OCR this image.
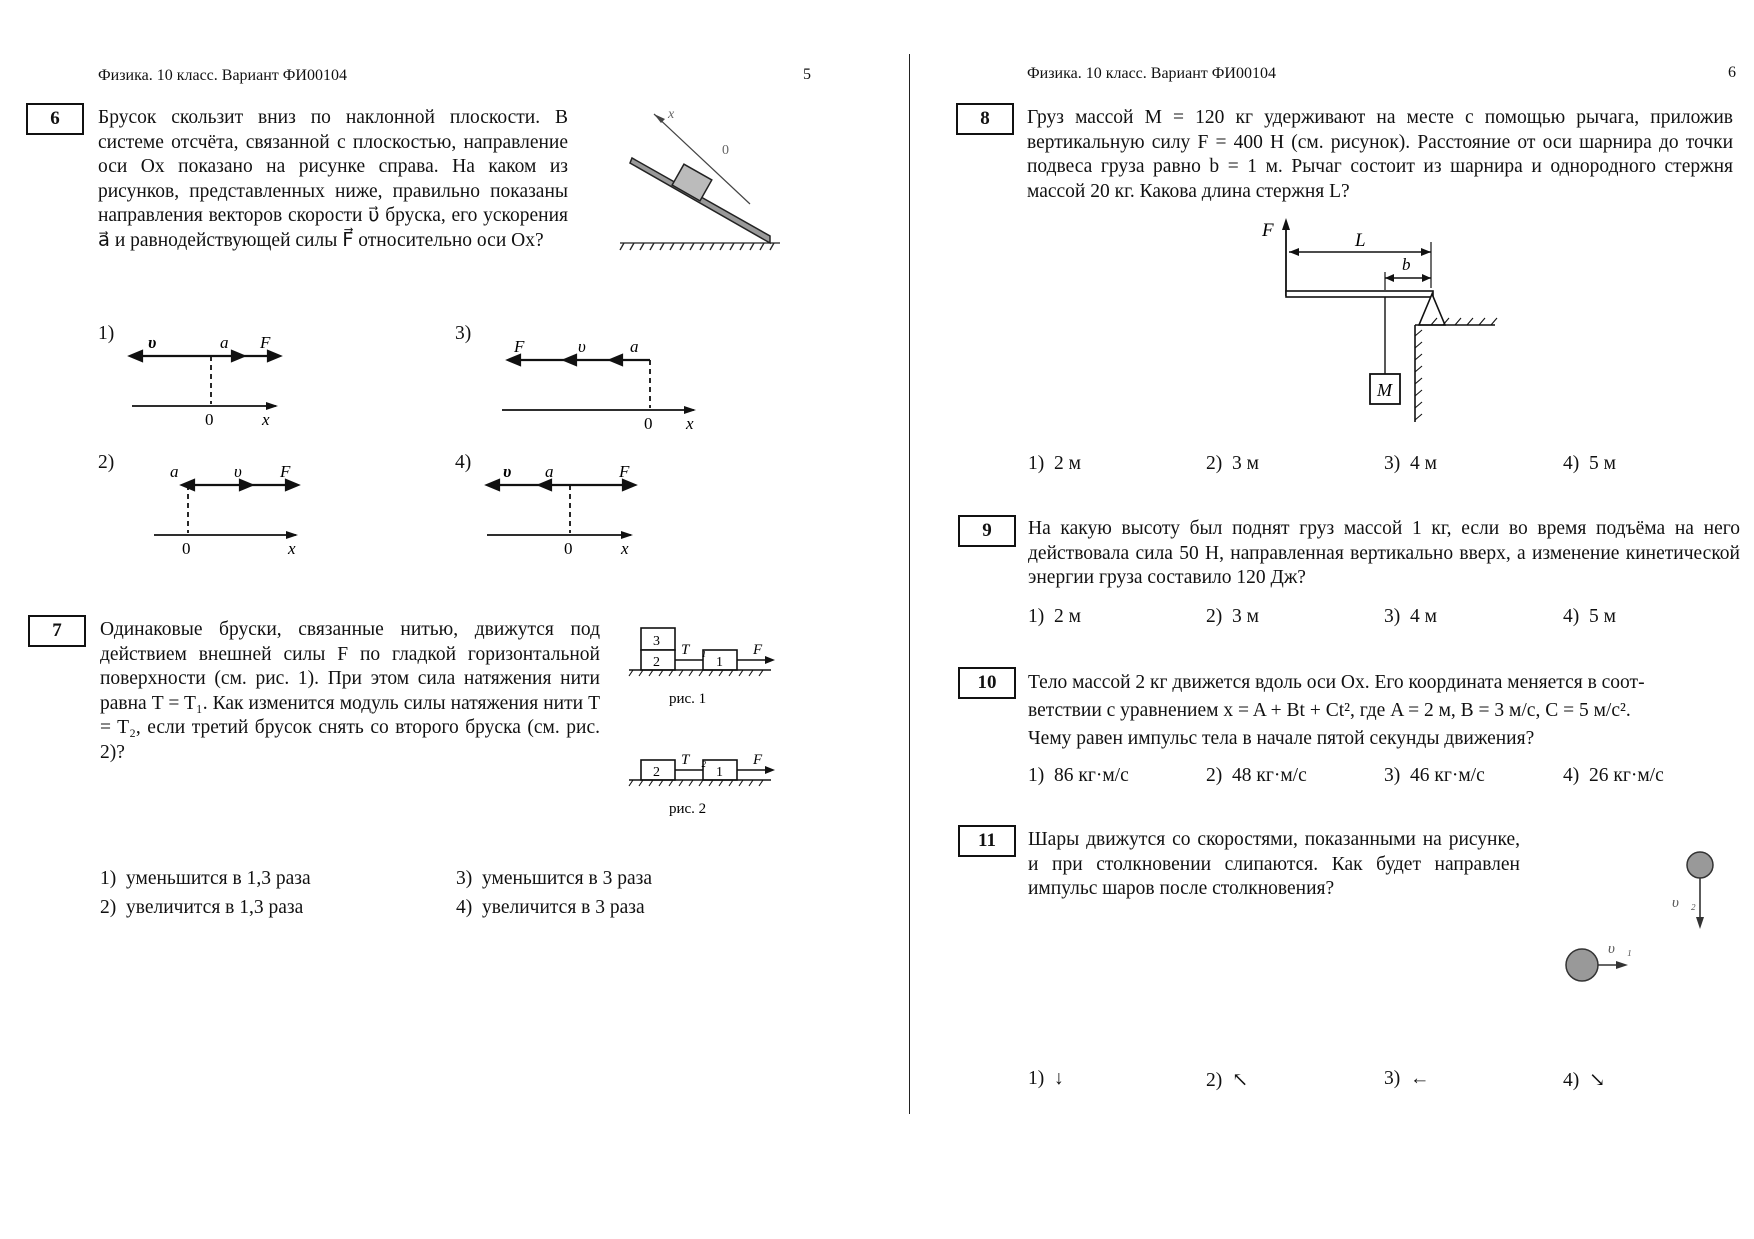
Физика. 10 класс. Вариант ФИ00104	5
6	Брусок скользит вниз по наклонной плоскости. В системе отсчёта, связанной с плоскостью, направление оси Ox показано на рисунке справа. На каком из рисунков, представленных ниже, правильно показаны направления векторов скорости υ⃗ бруска, его ускорения a⃗ и равнодействующей силы F⃗ относительно оси Ox?
x
0
1) υ⃗	a⃗ F⃗
0	x
2)	a⃗ υ⃗ F⃗
0	x
3)
F⃗ υ⃗ a⃗
0 x
4) υ⃗ a⃗	F⃗
0	x
7	Одинаковые бруски, связанные нитью, движутся под действием внешней силы F по гладкой горизонтальной поверхности (см. рис. 1). При этом сила натяжения нити равна T = T₁. Как изменится модуль силы натяжения нити T = T₂, если третий брусок снять со второго бруска (см. рис. 2)?
3
2	1
T⃗₁	F⃗
рис. 1
2	1
T⃗₂	F⃗
рис. 2
1) уменьшится в 1,3 раза
2) увеличится в 1,3 раза
3) уменьшится в 3 раза
4) увеличится в 3 раза
Физика. 10 класс. Вариант ФИ00104	6
8	Груз массой M = 120 кг удерживают на месте с помощью рычага, приложив вертикальную силу F = 400 Н (см. рисунок). Расстояние от оси шарнира до точки подвеса груза равно b = 1 м. Рычаг состоит из шарнира и однородного стержня массой 20 кг. Какова длина стержня L?
F⃗	L
b
M
1) 2 м	2) 3 м	3) 4 м	4) 5 м
9	На какую высоту был поднят груз массой 1 кг, если во время подъёма на него действовала сила 50 Н, направленная вертикально вверх, а изменение кинетической энергии груза составило 120 Дж?
1) 2 м	2) 3 м	3) 4 м	4) 5 м
10	Тело массой 2 кг движется вдоль оси Ox. Его координата меняется в соот-
ветствии с уравнением x = A + Bt + Ct², где A = 2 м, B = 3 м/с, C = 5 м/с².
Чему равен импульс тела в начале пятой секунды движения?
1) 86 кг·м/с	2) 48 кг·м/с	3) 46 кг·м/с	4) 26 кг·м/с
11	Шары движутся со скоростями, показанными на рисунке, и при столкновении слипаются. Как будет направлен импульс шаров после столкновения?
υ⃗₂
υ⃗₁
1) ↓	2) ↖	3) ←	4) ↘
